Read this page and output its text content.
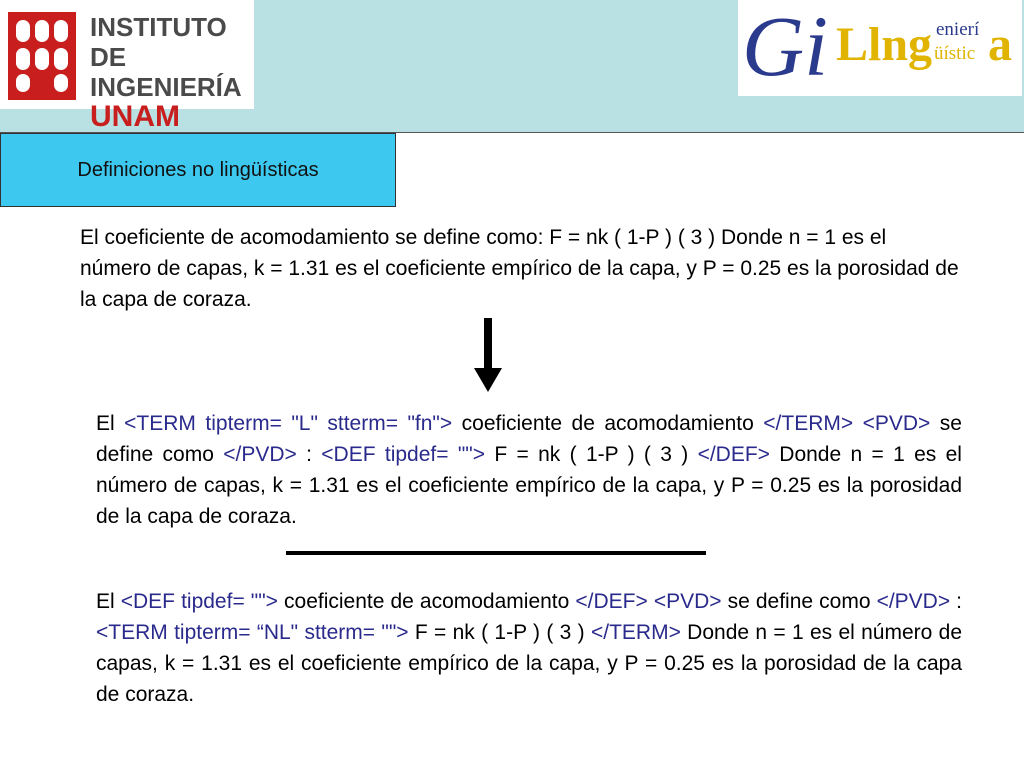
INSTITUTO
DE INGENIERÍA
UNAM
Gi Llng enierí
üístic a
Definiciones no lingüísticas
El coeficiente de acomodamiento se define como: F = nk ( 1-P ) ( 3 ) Donde n = 1 es el número de capas, k = 1.31 es el coeficiente empírico de la capa, y P = 0.25 es la porosidad de la capa de coraza.
El <TERM tipterm= "L" stterm= "fn"> coeficiente de acomodamiento </TERM> <PVD> se define como </PVD> : <DEF tipdef= ""> F = nk ( 1-P ) ( 3 ) </DEF> Donde n = 1 es el número de capas, k = 1.31 es el coeficiente empírico de la capa, y P = 0.25 es la porosidad de la capa de coraza.
El <DEF tipdef= ""> coeficiente de acomodamiento </DEF> <PVD> se define como </PVD> : <TERM tipterm= “NL" stterm= ""> F = nk ( 1-P ) ( 3 ) </TERM> Donde n = 1 es el número de capas, k = 1.31 es el coeficiente empírico de la capa, y P = 0.25 es la porosidad de la capa de coraza.
